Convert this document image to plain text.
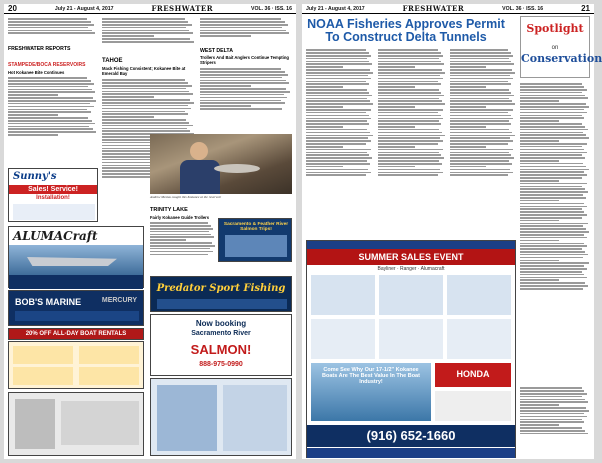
20	July 21 - August 4, 2017	FRESHWATER	VOL. 36 · ISS. 16
FRESHWATER REPORTS
STAMPEDE/BOCA RESERVOIRS
Hot Kokanee Bite Continues
Sunny's
Sales! Service!
Installation!
TAHOE
Mack Fishing Consistent; Kokanee Bite at Emerald Bay
WEST DELTA
Trollers And Bait Anglers Continue Tempting Stripers
Andrew Mestas caught this Kokanee at the reservoir
TRINITY LAKE
Fairly Kokanee Guide Trollers
Sacramento & Feather River Salmon Trips!
ALUMACraft
BOB'S MARINE	MERCURY
20% OFF ALL-DAY BOAT RENTALS
Predator Sport Fishing
Now booking
Sacramento River
SALMON!
888-975-0990
July 21 - August 4, 2017	FRESHWATER	VOL. 36 · ISS. 16	21
NOAA Fisheries Approves Permit To Construct Delta Tunnels
Spotlight
on
Conservation
SUMMER SALES EVENT
Bayliner · Ranger · Alumacraft
Come See Why Our 17-1/2" Kokanee Boats Are The Best Value In The Boat Industry!
HONDA
(916) 652-1660
